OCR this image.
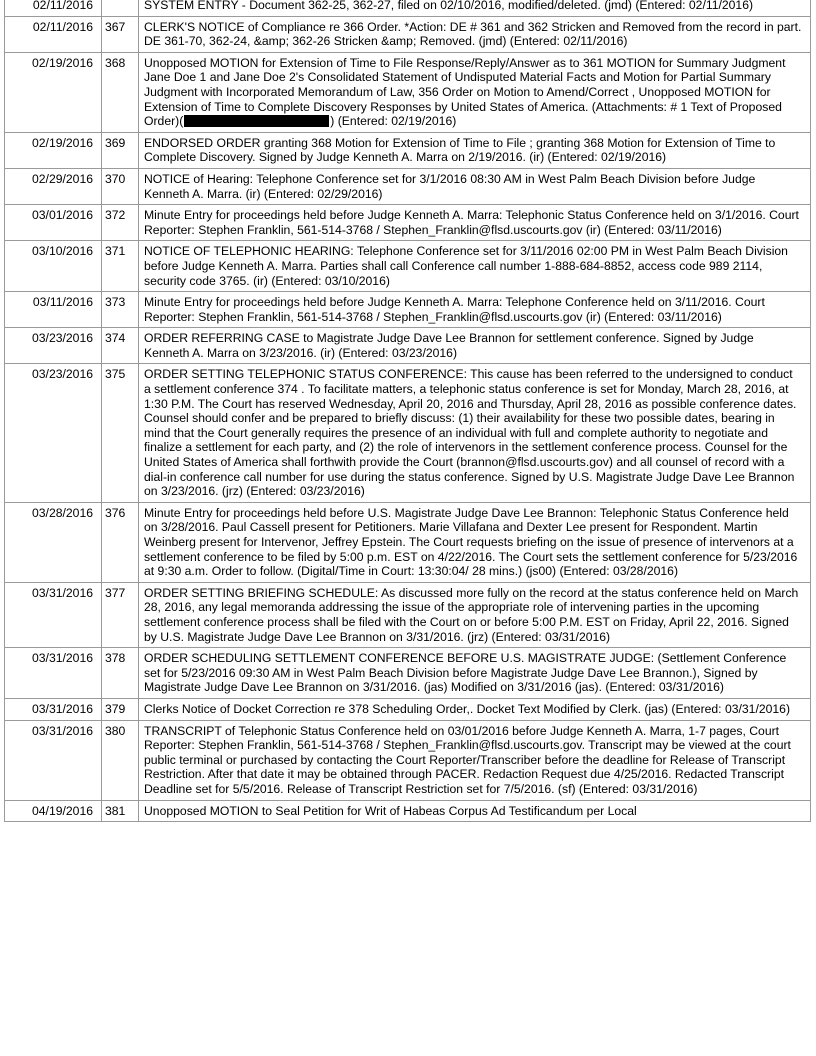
02/11/2016		SYSTEM ENTRY - Document 362-25, 362-27, filed on 02/10/2016, modified/deleted. (jmd) (Entered: 02/11/2016)
02/11/2016	367	CLERK'S NOTICE of Compliance re 366 Order. *Action: DE # 361 and 362 Stricken and Removed from the record in part. DE 361-70, 362-24, &amp; 362-26 Stricken &amp; Removed. (jmd) (Entered: 02/11/2016)
02/19/2016	368	Unopposed MOTION for Extension of Time to File Response/Reply/Answer as to 361 MOTION for Summary Judgment Jane Doe 1 and Jane Doe 2's Consolidated Statement of Undisputed Material Facts and Motion for Partial Summary Judgment with Incorporated Memorandum of Law, 356 Order on Motion to Amend/Correct , Unopposed MOTION for Extension of Time to Complete Discovery Responses by United States of America. (Attachments: # 1 Text of Proposed Order)( ) (Entered: 02/19/2016)
02/19/2016	369	ENDORSED ORDER granting 368 Motion for Extension of Time to File ; granting 368 Motion for Extension of Time to Complete Discovery. Signed by Judge Kenneth A. Marra on 2/19/2016. (ir) (Entered: 02/19/2016)
02/29/2016	370	NOTICE of Hearing: Telephone Conference set for 3/1/2016 08:30 AM in West Palm Beach Division before Judge Kenneth A. Marra. (ir) (Entered: 02/29/2016)
03/01/2016	372	Minute Entry for proceedings held before Judge Kenneth A. Marra: Telephonic Status Conference held on 3/1/2016. Court Reporter: Stephen Franklin, 561-514-3768 / Stephen_Franklin@flsd.uscourts.gov (ir) (Entered: 03/11/2016)
03/10/2016	371	NOTICE OF TELEPHONIC HEARING: Telephone Conference set for 3/11/2016 02:00 PM in West Palm Beach Division before Judge Kenneth A. Marra. Parties shall call Conference call number 1-888-684-8852, access code 989 2114, security code 3765. (ir) (Entered: 03/10/2016)
03/11/2016	373	Minute Entry for proceedings held before Judge Kenneth A. Marra: Telephone Conference held on 3/11/2016. Court Reporter: Stephen Franklin, 561-514-3768 / Stephen_Franklin@flsd.uscourts.gov (ir) (Entered: 03/11/2016)
03/23/2016	374	ORDER REFERRING CASE to Magistrate Judge Dave Lee Brannon for settlement conference. Signed by Judge Kenneth A. Marra on 3/23/2016. (ir) (Entered: 03/23/2016)
03/23/2016	375	ORDER SETTING TELEPHONIC STATUS CONFERENCE: This cause has been referred to the undersigned to conduct a settlement conference 374 . To facilitate matters, a telephonic status conference is set for Monday, March 28, 2016, at 1:30 P.M. The Court has reserved Wednesday, April 20, 2016 and Thursday, April 28, 2016 as possible conference dates. Counsel should confer and be prepared to briefly discuss: (1) their availability for these two possible dates, bearing in mind that the Court generally requires the presence of an individual with full and complete authority to negotiate and finalize a settlement for each party, and (2) the role of intervenors in the settlement conference process. Counsel for the United States of America shall forthwith provide the Court (brannon@flsd.uscourts.gov) and all counsel of record with a dial-in conference call number for use during the status conference. Signed by U.S. Magistrate Judge Dave Lee Brannon on 3/23/2016. (jrz) (Entered: 03/23/2016)
03/28/2016	376	Minute Entry for proceedings held before U.S. Magistrate Judge Dave Lee Brannon: Telephonic Status Conference held on 3/28/2016. Paul Cassell present for Petitioners. Marie Villafana and Dexter Lee present for Respondent. Martin Weinberg present for Intervenor, Jeffrey Epstein. The Court requests briefing on the issue of presence of intervenors at a settlement conference to be filed by 5:00 p.m. EST on 4/22/2016. The Court sets the settlement conference for 5/23/2016 at 9:30 a.m. Order to follow. (Digital/Time in Court: 13:30:04/ 28 mins.) (js00) (Entered: 03/28/2016)
03/31/2016	377	ORDER SETTING BRIEFING SCHEDULE: As discussed more fully on the record at the status conference held on March 28, 2016, any legal memoranda addressing the issue of the appropriate role of intervening parties in the upcoming settlement conference process shall be filed with the Court on or before 5:00 P.M. EST on Friday, April 22, 2016. Signed by U.S. Magistrate Judge Dave Lee Brannon on 3/31/2016. (jrz) (Entered: 03/31/2016)
03/31/2016	378	ORDER SCHEDULING SETTLEMENT CONFERENCE BEFORE U.S. MAGISTRATE JUDGE: (Settlement Conference set for 5/23/2016 09:30 AM in West Palm Beach Division before Magistrate Judge Dave Lee Brannon.), Signed by Magistrate Judge Dave Lee Brannon on 3/31/2016. (jas) Modified on 3/31/2016 (jas). (Entered: 03/31/2016)
03/31/2016	379	Clerks Notice of Docket Correction re 378 Scheduling Order,. Docket Text Modified by Clerk. (jas) (Entered: 03/31/2016)
03/31/2016	380	TRANSCRIPT of Telephonic Status Conference held on 03/01/2016 before Judge Kenneth A. Marra, 1-7 pages, Court Reporter: Stephen Franklin, 561-514-3768 / Stephen_Franklin@flsd.uscourts.gov. Transcript may be viewed at the court public terminal or purchased by contacting the Court Reporter/Transcriber before the deadline for Release of Transcript Restriction. After that date it may be obtained through PACER. Redaction Request due 4/25/2016. Redacted Transcript Deadline set for 5/5/2016. Release of Transcript Restriction set for 7/5/2016. (sf) (Entered: 03/31/2016)
04/19/2016	381	Unopposed MOTION to Seal Petition for Writ of Habeas Corpus Ad Testificandum per Local
